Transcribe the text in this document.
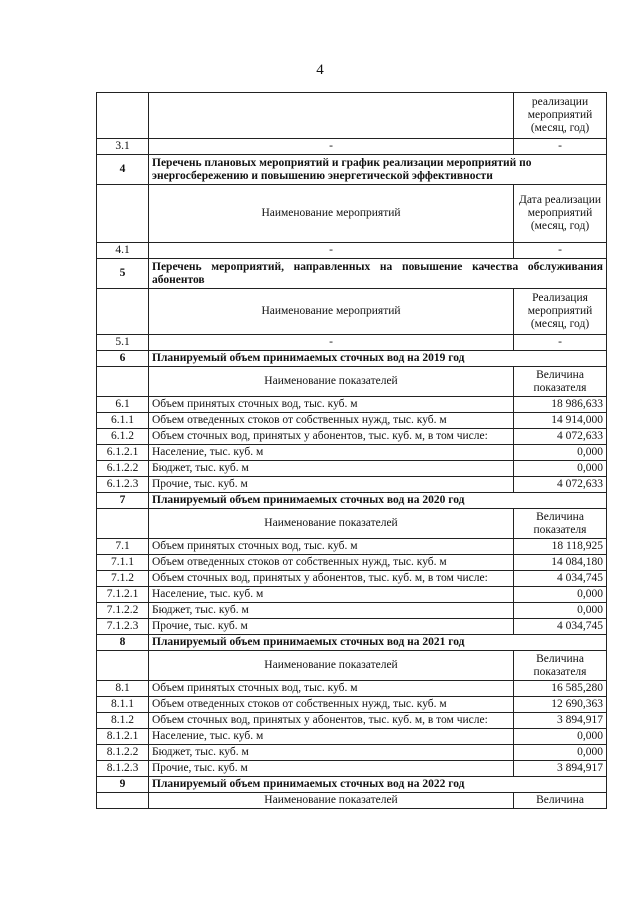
4
		реализации мероприятий (месяц, год)
3.1	-	-
4	Перечень плановых мероприятий и график реализации мероприятий по энергосбережению и повышению энергетической эффективности	
	Наименование мероприятий	Дата реализации мероприятий (месяц, год)
4.1	-	-
5	Перечень мероприятий, направленных на повышение качества обслуживания абонентов	
	Наименование мероприятий	Реализация мероприятий (месяц, год)
5.1	-	-
6	Планируемый объем принимаемых сточных вод на 2019 год	
	Наименование показателей	Величина показателя
6.1	Объем принятых сточных вод, тыс. куб. м	18 986,633
6.1.1	Объем отведенных стоков от собственных нужд, тыс. куб. м	14 914,000
6.1.2	Объем сточных вод, принятых у абонентов, тыс. куб. м, в том числе:	4 072,633
6.1.2.1	Население, тыс. куб. м	0,000
6.1.2.2	Бюджет, тыс. куб. м	0,000
6.1.2.3	Прочие, тыс. куб. м	4 072,633
7	Планируемый объем принимаемых сточных вод на 2020 год	
	Наименование показателей	Величина показателя
7.1	Объем принятых сточных вод, тыс. куб. м	18 118,925
7.1.1	Объем отведенных стоков от собственных нужд, тыс. куб. м	14 084,180
7.1.2	Объем сточных вод, принятых у абонентов, тыс. куб. м, в том числе:	4 034,745
7.1.2.1	Население, тыс. куб. м	0,000
7.1.2.2	Бюджет, тыс. куб. м	0,000
7.1.2.3	Прочие, тыс. куб. м	4 034,745
8	Планируемый объем принимаемых сточных вод на 2021 год	
	Наименование показателей	Величина показателя
8.1	Объем принятых сточных вод, тыс. куб. м	16 585,280
8.1.1	Объем отведенных стоков от собственных нужд, тыс. куб. м	12 690,363
8.1.2	Объем сточных вод, принятых у абонентов, тыс. куб. м, в том числе:	3 894,917
8.1.2.1	Население, тыс. куб. м	0,000
8.1.2.2	Бюджет, тыс. куб. м	0,000
8.1.2.3	Прочие, тыс. куб. м	3 894,917
9	Планируемый объем принимаемых сточных вод на 2022 год	
	Наименование показателей	Величина
